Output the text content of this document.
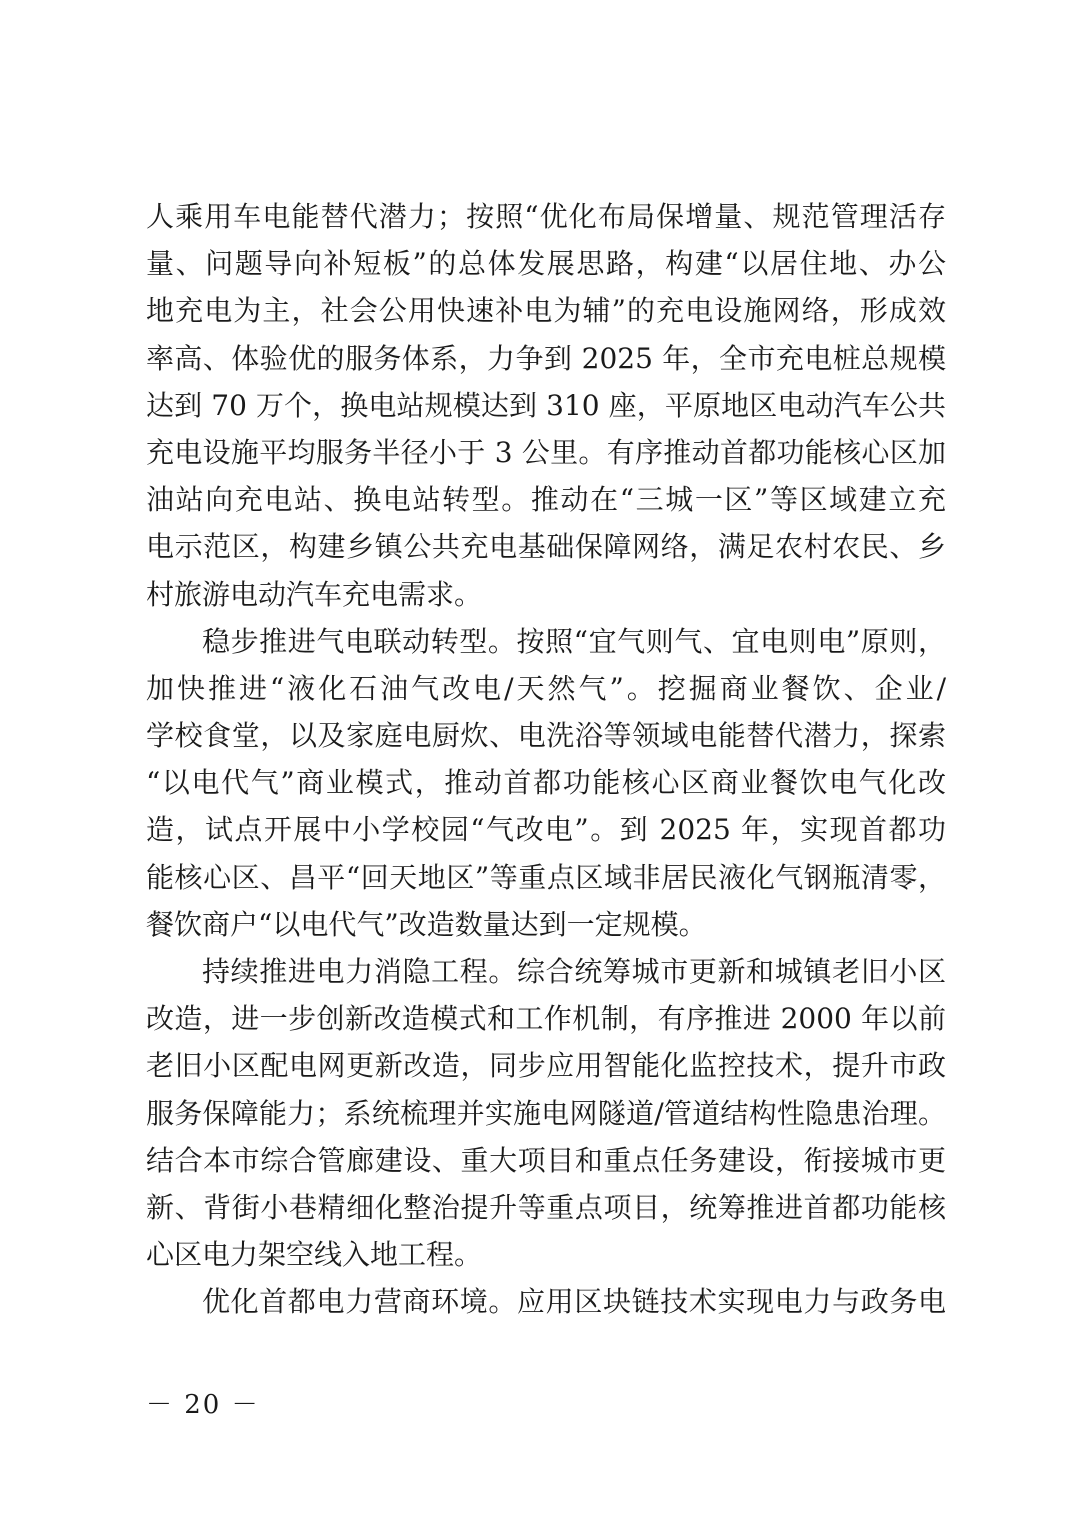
人乘用车电能替代潜力；按照“优化布局保增量、规范管理活存
量、问题导向补短板”的总体发展思路，构建“以居住地、办公
地充电为主，社会公用快速补电为辅”的充电设施网络，形成效
率高、体验优的服务体系，力争到 2025 年，全市充电桩总规模
达到 70 万个，换电站规模达到 310 座，平原地区电动汽车公共
充电设施平均服务半径小于 3 公里。有序推动首都功能核心区加
油站向充电站、换电站转型。推动在“三城一区”等区域建立充
电示范区，构建乡镇公共充电基础保障网络，满足农村农民、乡
村旅游电动汽车充电需求。
稳步推进气电联动转型。按照“宜气则气、宜电则电”原则，
加快推进“液化石油气改电/天然气”。挖掘商业餐饮、企业/
学校食堂，以及家庭电厨炊、电洗浴等领域电能替代潜力，探索
“以电代气”商业模式，推动首都功能核心区商业餐饮电气化改
造，试点开展中小学校园“气改电”。到 2025 年，实现首都功
能核心区、昌平“回天地区”等重点区域非居民液化气钢瓶清零，
餐饮商户“以电代气”改造数量达到一定规模。
持续推进电力消隐工程。综合统筹城市更新和城镇老旧小区
改造，进一步创新改造模式和工作机制，有序推进 2000 年以前
老旧小区配电网更新改造，同步应用智能化监控技术，提升市政
服务保障能力；系统梳理并实施电网隧道/管道结构性隐患治理。
结合本市综合管廊建设、重大项目和重点任务建设，衔接城市更
新、背街小巷精细化整治提升等重点项目，统筹推进首都功能核
心区电力架空线入地工程。
优化首都电力营商环境。应用区块链技术实现电力与政务电
－ 20 －
